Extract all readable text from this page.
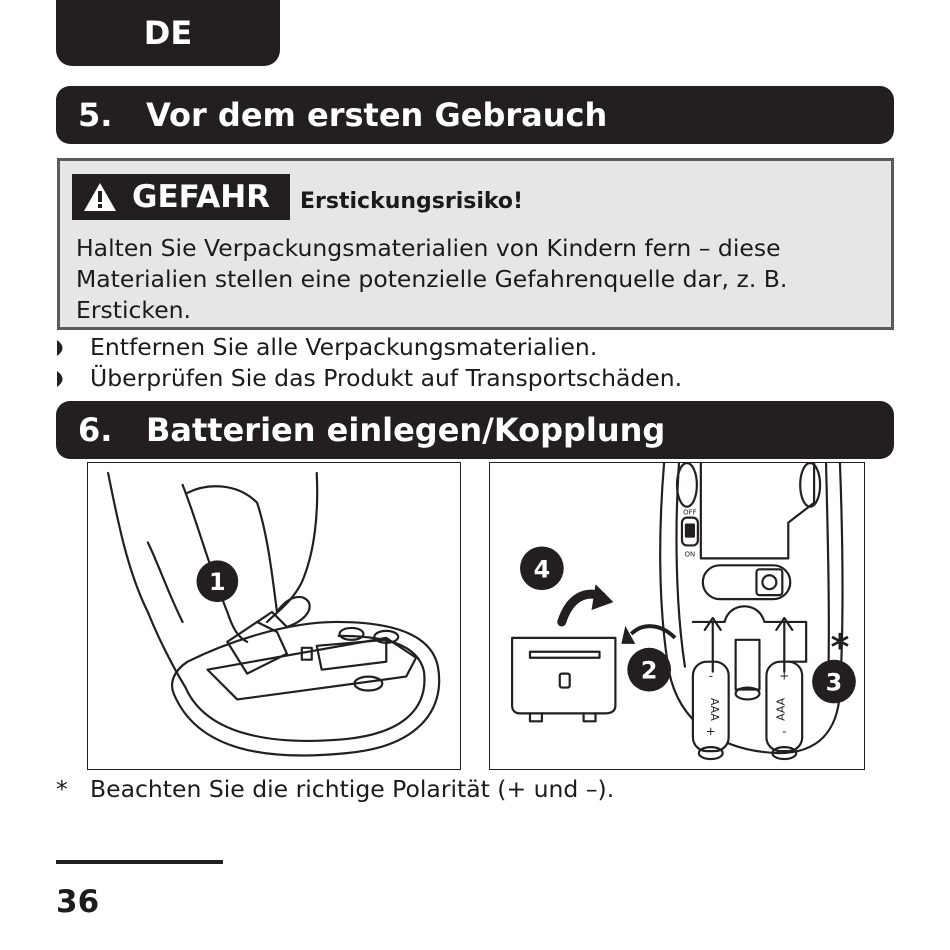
DE
5.	Vor dem ersten Gebrauch
GEFAHR Erstickungsrisiko!
Halten Sie Verpackungsmaterialien von Kindern fern – diese Materialien stellen eine potenzielle Gefahrenquelle dar, z. B. Ersticken.
Entfernen Sie alle Verpackungsmaterialien.
Überprüfen Sie das Produkt auf Transportschäden.
6.	Batterien einlegen/Kopplung
1
OFF
ON
AAA	AAA
+
-	+
-
4
2	3
*
* Beachten Sie die richtige Polarität (+ und –).
36
